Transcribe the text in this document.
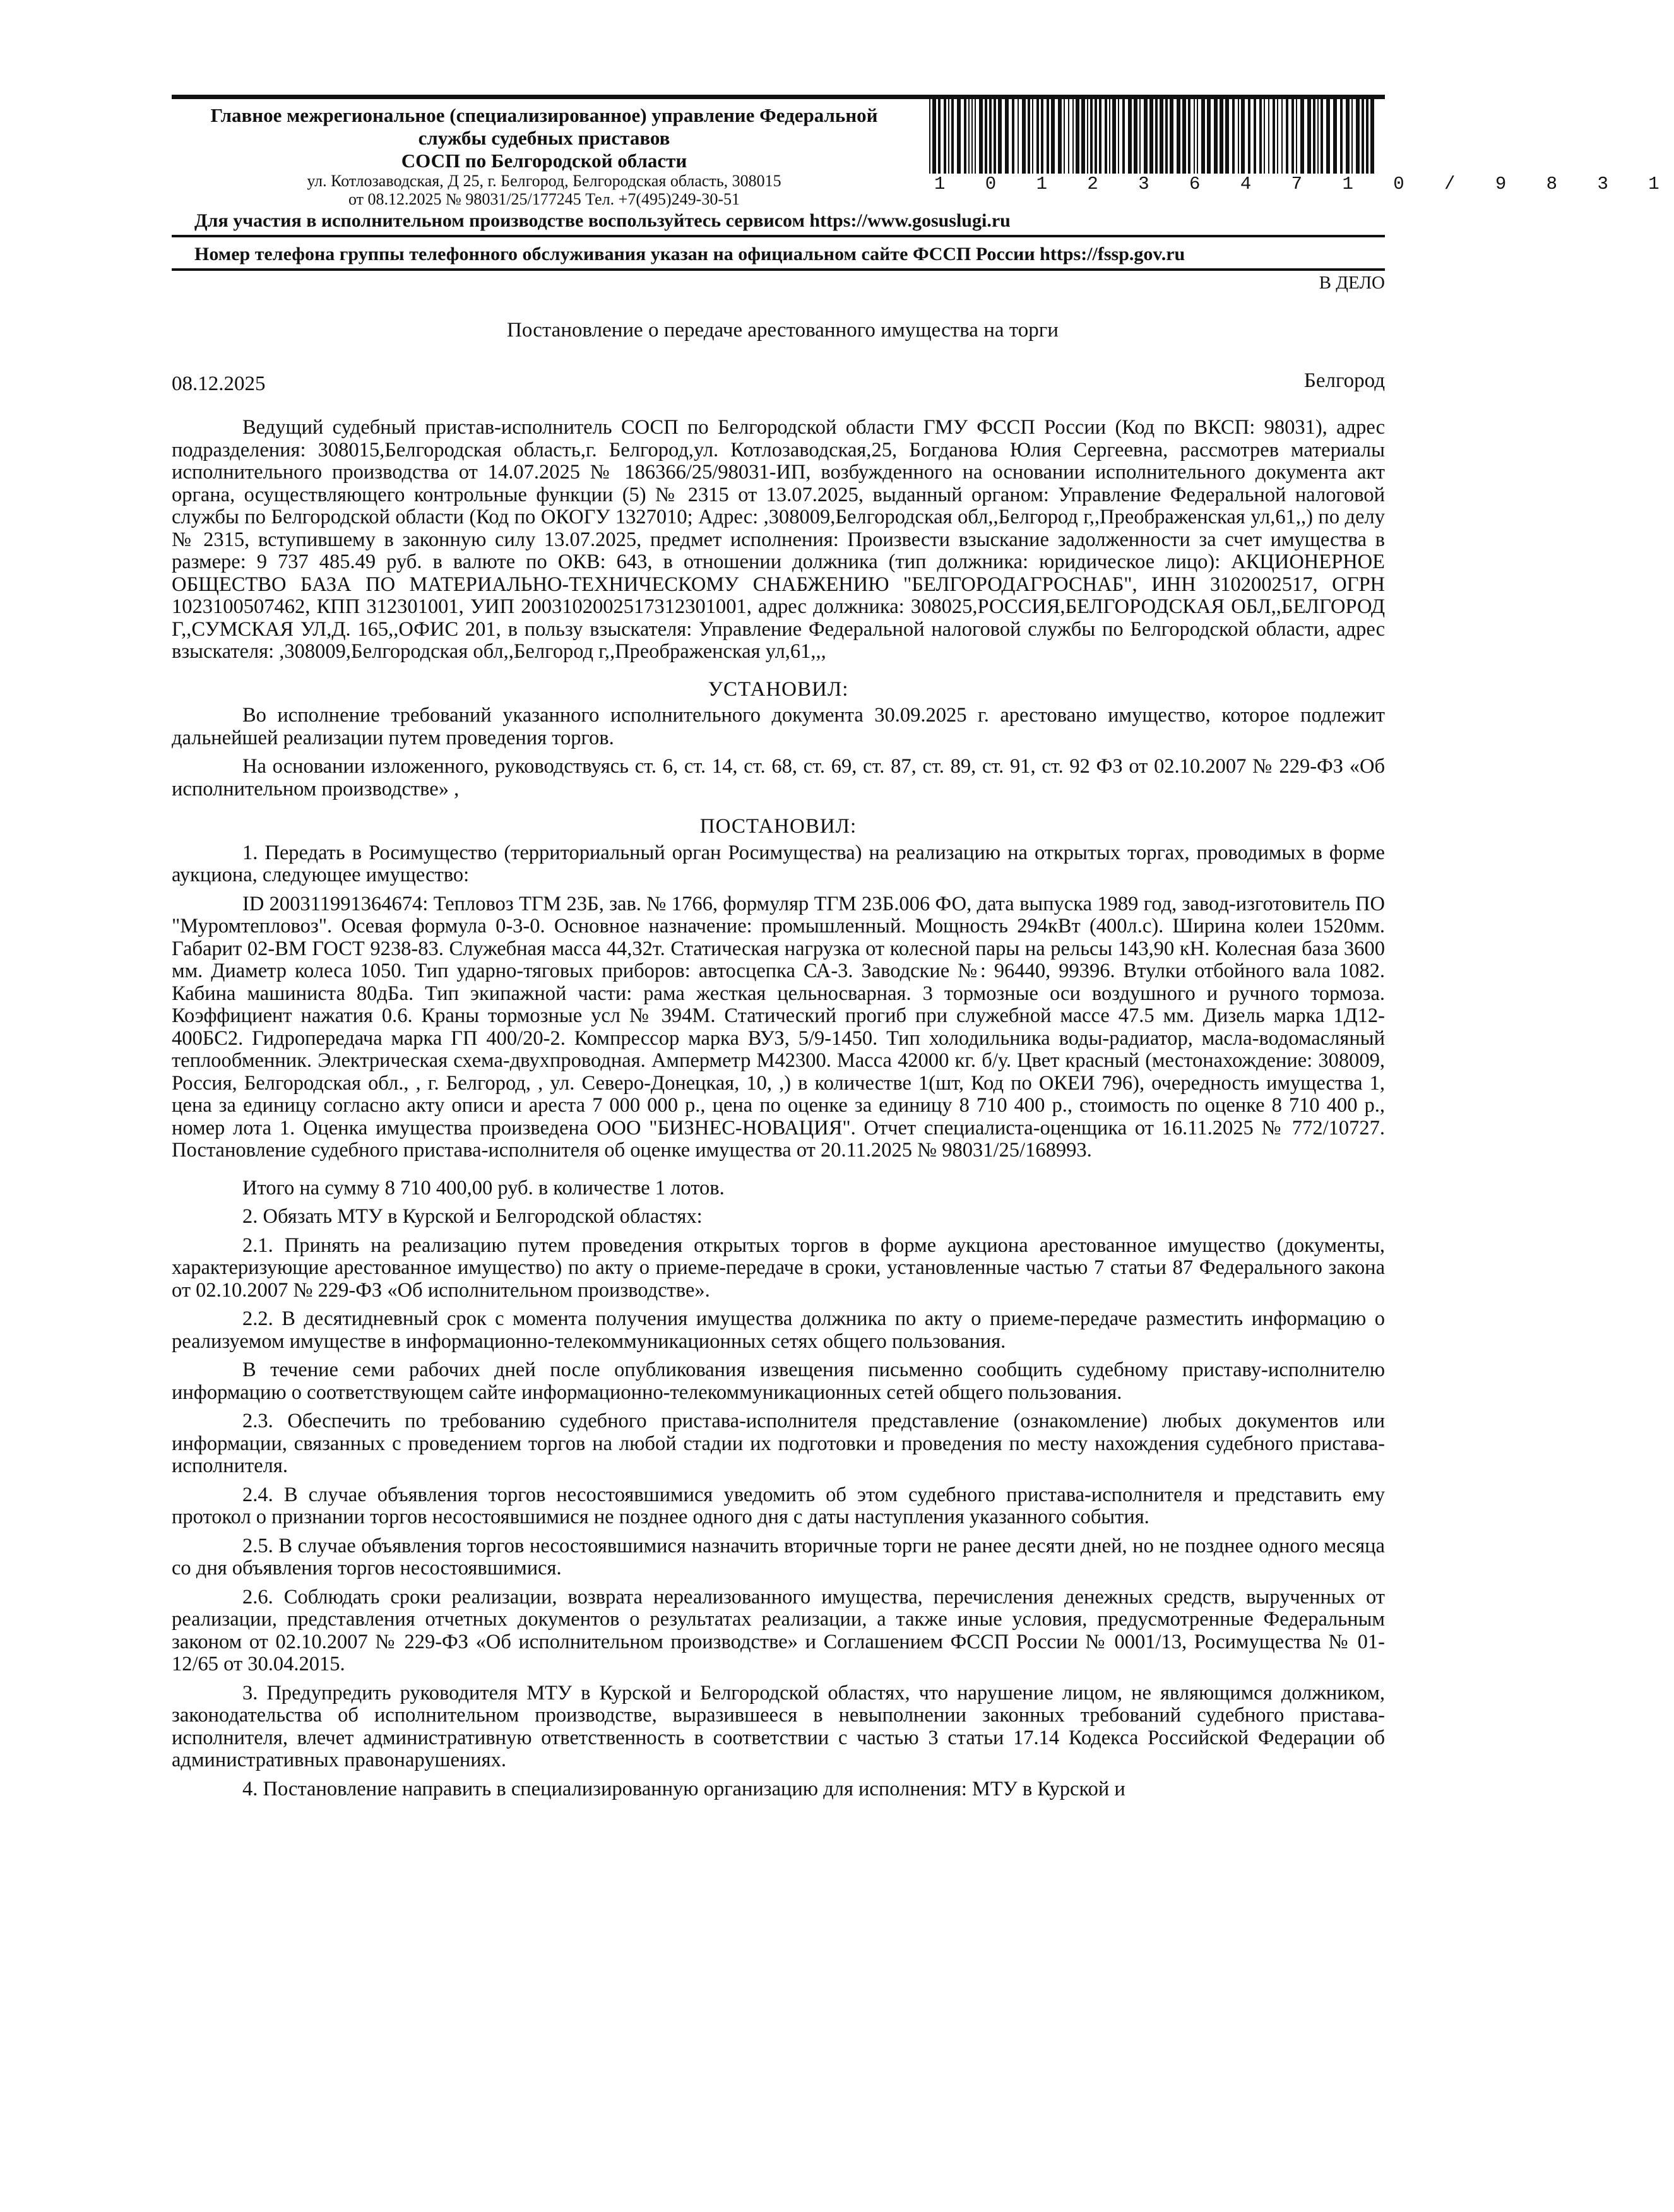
Главное межрегиональное (специализированное) управление Федеральной
службы судебных приставов
СОСП по Белгородской области
ул. Котлозаводская, Д 25, г. Белгород, Белгородская область, 308015
от 08.12.2025 № 98031/25/177245 Тел. +7(495)249-30-51
1 0 1 2 3 6 4 7 1 0 / 9 8 3 1
Для участия в исполнительном производстве воспользуйтесь сервисом https://www.gosuslugi.ru
Номер телефона группы телефонного обслуживания указан на официальном сайте ФССП России https://fssp.gov.ru
В ДЕЛО
Постановление о передаче арестованного имущества на торги
08.12.2025	Белгород

Ведущий судебный пристав-исполнитель СОСП по Белгородской области ГМУ ФССП России (Код по ВКСП: 98031), адрес подразделения: 308015,Белгородская область,г. Белгород,ул. Котлозаводская,25, Богданова Юлия Сергеевна, рассмотрев материалы исполнительного производства от 14.07.2025 № 186366/25/98031-ИП, возбужденного на основании исполнительного документа акт органа, осуществляющего контрольные функции (5) № 2315 от 13.07.2025, выданный органом: Управление Федеральной налоговой службы по Белгородской области (Код по ОКОГУ 1327010; Адрес: ,308009,Белгородская обл,,Белгород г,,Преображенская ул,61,,) по делу № 2315, вступившему в законную силу 13.07.2025, предмет исполнения: Произвести взыскание задолженности за счет имущества в размере: 9 737 485.49 руб. в валюте по ОКВ: 643, в отношении должника (тип должника: юридическое лицо): АКЦИОНЕРНОЕ ОБЩЕСТВО БАЗА ПО МАТЕРИАЛЬНО-ТЕХНИЧЕСКОМУ СНАБЖЕНИЮ "БЕЛГОРОДАГРОСНАБ", ИНН 3102002517, ОГРН 1023100507462, КПП 312301001, УИП 2003102002517312301001, адрес должника: 308025,РОССИЯ,БЕЛГОРОДСКАЯ ОБЛ,,БЕЛГОРОД Г,,СУМСКАЯ УЛ,Д. 165,,ОФИС 201, в пользу взыскателя: Управление Федеральной налоговой службы по Белгородской области, адрес взыскателя: ,308009,Белгородская обл,,Белгород г,,Преображенская ул,61,,,

УСТАНОВИЛ:

Во исполнение требований указанного исполнительного документа 30.09.2025 г. арестовано имущество, которое подлежит дальнейшей реализации путем проведения торгов.

На основании изложенного, руководствуясь ст. 6, ст. 14, ст. 68, ст. 69, ст. 87, ст. 89, ст. 91, ст. 92 ФЗ от 02.10.2007 № 229-ФЗ «Об исполнительном производстве» ,

ПОСТАНОВИЛ:

1. Передать в Росимущество (территориальный орган Росимущества) на реализацию на открытых торгах, проводимых в форме аукциона, следующее имущество:

ID 200311991364674: Тепловоз ТГМ 23Б, зав. № 1766, формуляр ТГМ 23Б.006 ФО, дата выпуска 1989 год, завод-изготовитель ПО "Муромтепловоз". Осевая формула 0-3-0. Основное назначение: промышленный. Мощность 294кВт (400л.с). Ширина колеи 1520мм. Габарит 02-ВМ ГОСТ 9238-83. Служебная масса 44,32т. Статическая нагрузка от колесной пары на рельсы 143,90 кН. Колесная база 3600 мм. Диаметр колеса 1050. Тип ударно-тяговых приборов: автосцепка СА-3. Заводские №: 96440, 99396. Втулки отбойного вала 1082. Кабина машиниста 80дБа. Тип экипажной части: рама жесткая цельносварная. 3 тормозные оси воздушного и ручного тормоза. Коэффициент нажатия 0.6. Краны тормозные усл № 394М. Статический прогиб при служебной массе 47.5 мм. Дизель марка 1Д12-400БС2. Гидропередача марка ГП 400/20-2. Компрессор марка ВУЗ, 5/9-1450. Тип холодильника воды-радиатор, масла-водомасляный теплообменник. Электрическая схема-двухпроводная. Амперметр М42300. Масса 42000 кг. б/у. Цвет красный (местонахождение: 308009, Россия, Белгородская обл., , г. Белгород, , ул. Северо-Донецкая, 10, ,) в количестве 1(шт, Код по ОКЕИ 796), очередность имущества 1, цена за единицу согласно акту описи и ареста 7 000 000 р., цена по оценке за единицу 8 710 400 р., стоимость по оценке 8 710 400 р., номер лота 1. Оценка имущества произведена ООО "БИЗНЕС-НОВАЦИЯ". Отчет специалиста-оценщика от 16.11.2025 № 772/10727. Постановление судебного пристава-исполнителя об оценке имущества от 20.11.2025 № 98031/25/168993.

Итого на сумму 8 710 400,00 руб. в количестве 1 лотов.

2. Обязать МТУ в Курской и Белгородской областях:

2.1. Принять на реализацию путем проведения открытых торгов в форме аукциона арестованное имущество (документы, характеризующие арестованное имущество) по акту о приеме-передаче в сроки, установленные частью 7 статьи 87 Федерального закона от 02.10.2007 № 229-ФЗ «Об исполнительном производстве».

2.2. В десятидневный срок с момента получения имущества должника по акту о приеме-передаче разместить информацию о реализуемом имуществе в информационно-телекоммуникационных сетях общего пользования.

В течение семи рабочих дней после опубликования извещения письменно сообщить судебному приставу-исполнителю информацию о соответствующем сайте информационно-телекоммуникационных сетей общего пользования.

2.3. Обеспечить по требованию судебного пристава-исполнителя представление (ознакомление) любых документов или информации, связанных с проведением торгов на любой стадии их подготовки и проведения по месту нахождения судебного пристава-исполнителя.

2.4. В случае объявления торгов несостоявшимися уведомить об этом судебного пристава-исполнителя и представить ему протокол о признании торгов несостоявшимися не позднее одного дня с даты наступления указанного события.

2.5. В случае объявления торгов несостоявшимися назначить вторичные торги не ранее десяти дней, но не позднее одного месяца со дня объявления торгов несостоявшимися.

2.6. Соблюдать сроки реализации, возврата нереализованного имущества, перечисления денежных средств, вырученных от реализации, представления отчетных документов о результатах реализации, а также иные условия, предусмотренные Федеральным законом от 02.10.2007 № 229-ФЗ «Об исполнительном производстве» и Соглашением ФССП России № 0001/13, Росимущества № 01-12/65 от 30.04.2015.

3. Предупредить руководителя МТУ в Курской и Белгородской областях, что нарушение лицом, не являющимся должником, законодательства об исполнительном производстве, выразившееся в невыполнении законных требований судебного пристава-исполнителя, влечет административную ответственность в соответствии с частью 3 статьи 17.14 Кодекса Российской Федерации об административных правонарушениях.

4. Постановление направить в специализированную организацию для исполнения: МТУ в Курской и
